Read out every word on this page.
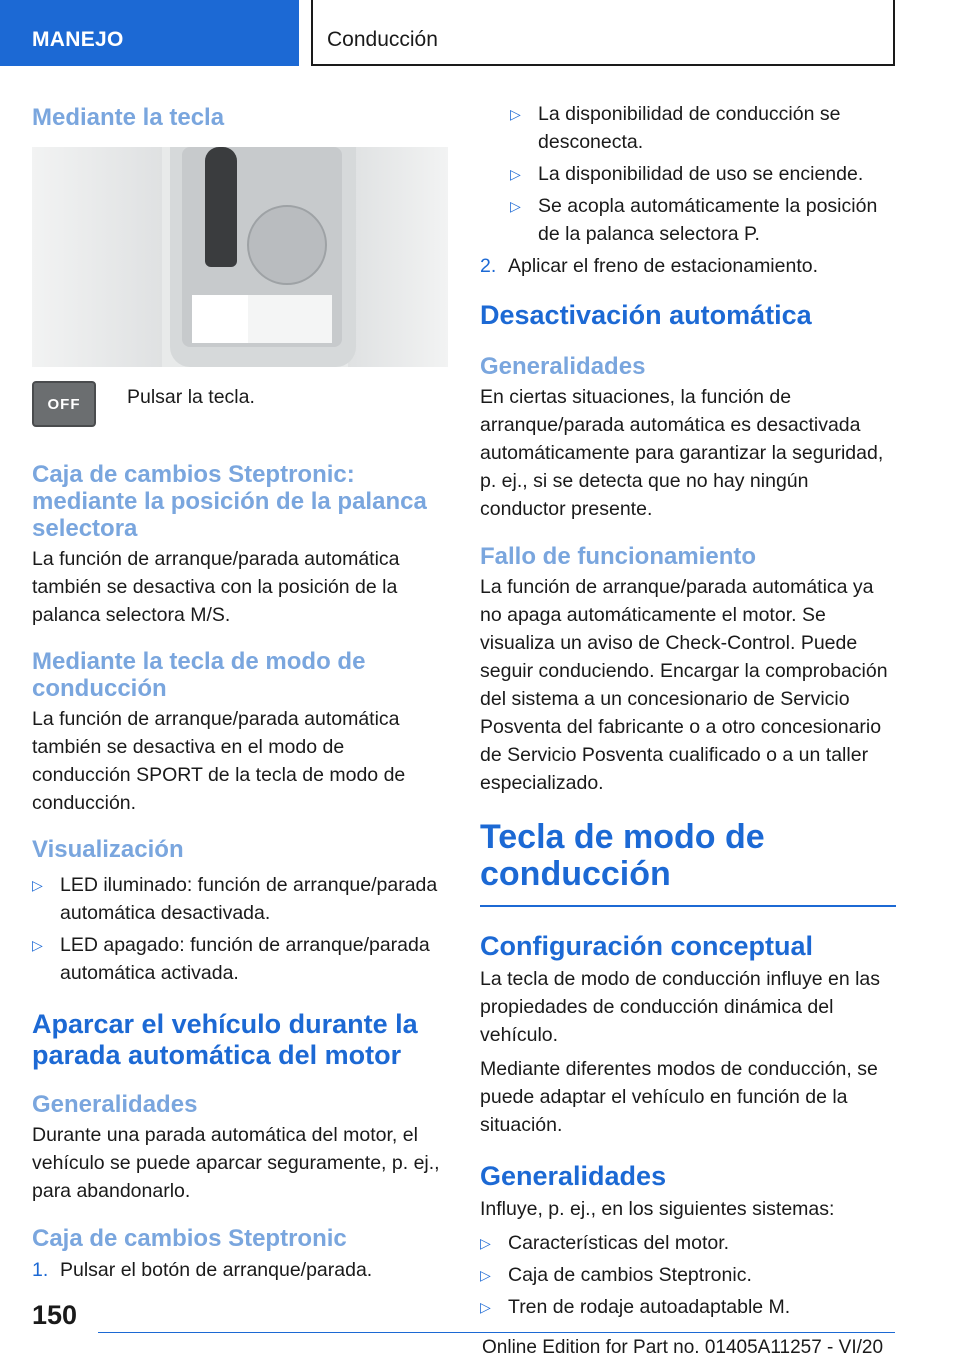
MANEJO	Conducción
Mediante la tecla
OFF Pulsar la tecla.
Caja de cambios Steptronic: mediante la posición de la palanca selectora
La función de arranque/parada automática también se desactiva con la posición de la palanca selectora M/S.
Mediante la tecla de modo de conducción
La función de arranque/parada automática también se desactiva en el modo de conducción SPORT de la tecla de modo de conducción.
Visualización
▷ LED iluminado: función de arranque/parada automática desactivada.
▷ LED apagado: función de arranque/parada automática activada.
Aparcar el vehículo durante la parada automática del motor
Generalidades
Durante una parada automática del motor, el vehículo se puede aparcar seguramente, p. ej., para abandonarlo.
Caja de cambios Steptronic
1. Pulsar el botón de arranque/parada.
▷ La disponibilidad de conducción se desconecta.
▷ La disponibilidad de uso se enciende.
▷ Se acopla automáticamente la posición de la palanca selectora P.
2. Aplicar el freno de estacionamiento.
Desactivación automática
Generalidades
En ciertas situaciones, la función de arranque/parada automática es desactivada automáticamente para garantizar la seguridad, p. ej., si se detecta que no hay ningún conductor presente.
Fallo de funcionamiento
La función de arranque/parada automática ya no apaga automáticamente el motor. Se visualiza un aviso de Check-Control. Puede seguir conduciendo. Encargar la comprobación del sistema a un concesionario de Servicio Posventa del fabricante o a otro concesionario de Servicio Posventa cualificado o a un taller especializado.
Tecla de modo de conducción
Configuración conceptual
La tecla de modo de conducción influye en las propiedades de conducción dinámica del vehículo.
Mediante diferentes modos de conducción, se puede adaptar el vehículo en función de la situación.
Generalidades
Influye, p. ej., en los siguientes sistemas:
▷ Características del motor.
▷ Caja de cambios Steptronic.
▷ Tren de rodaje autoadaptable M.
150
Online Edition for Part no. 01405A11257 - VI/20
